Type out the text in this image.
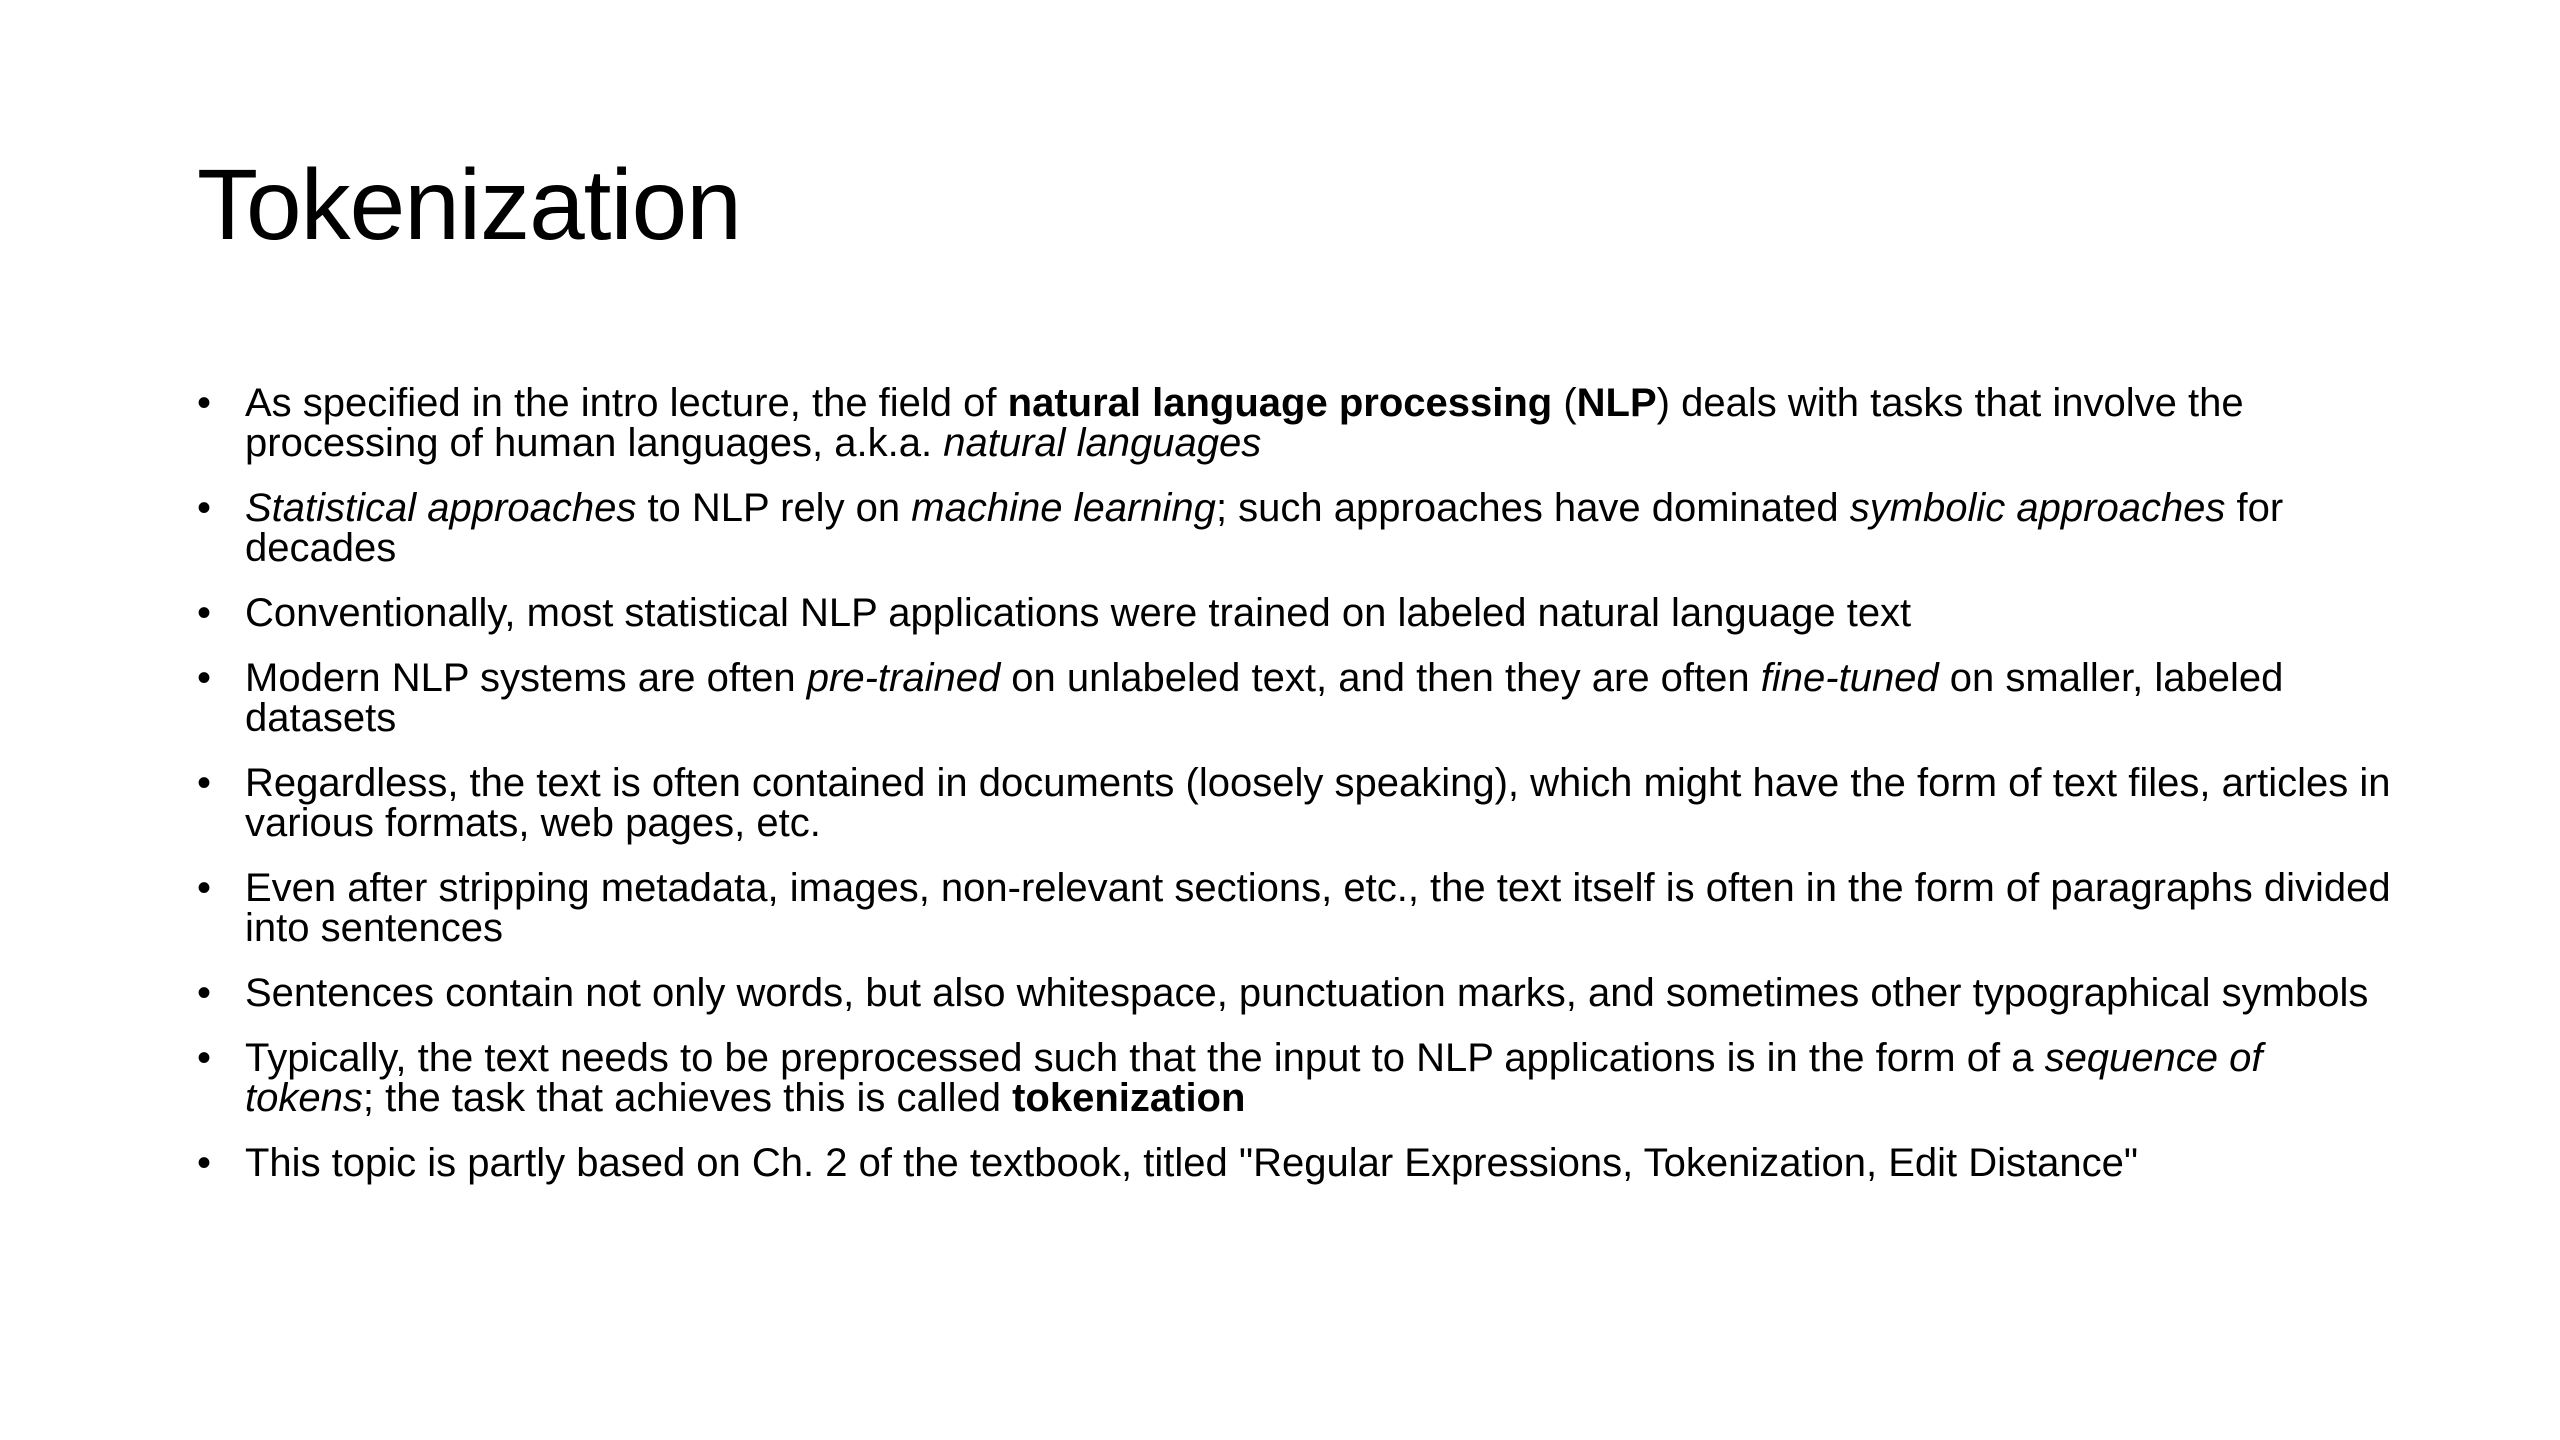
Tokenization
• As specified in the intro lecture, the field of natural language processing (NLP) deals with tasks that involve the processing of human languages, a.k.a. natural languages
• Statistical approaches to NLP rely on machine learning; such approaches have dominated symbolic approaches for decades
• Conventionally, most statistical NLP applications were trained on labeled natural language text
• Modern NLP systems are often pre-trained on unlabeled text, and then they are often fine-tuned on smaller, labeled datasets
• Regardless, the text is often contained in documents (loosely speaking), which might have the form of text files, articles in various formats, web pages, etc.
• Even after stripping metadata, images, non-relevant sections, etc., the text itself is often in the form of paragraphs divided into sentences
• Sentences contain not only words, but also whitespace, punctuation marks, and sometimes other typographical symbols
• Typically, the text needs to be preprocessed such that the input to NLP applications is in the form of a sequence of tokens; the task that achieves this is called tokenization
• This topic is partly based on Ch. 2 of the textbook, titled "Regular Expressions, Tokenization, Edit Distance"
